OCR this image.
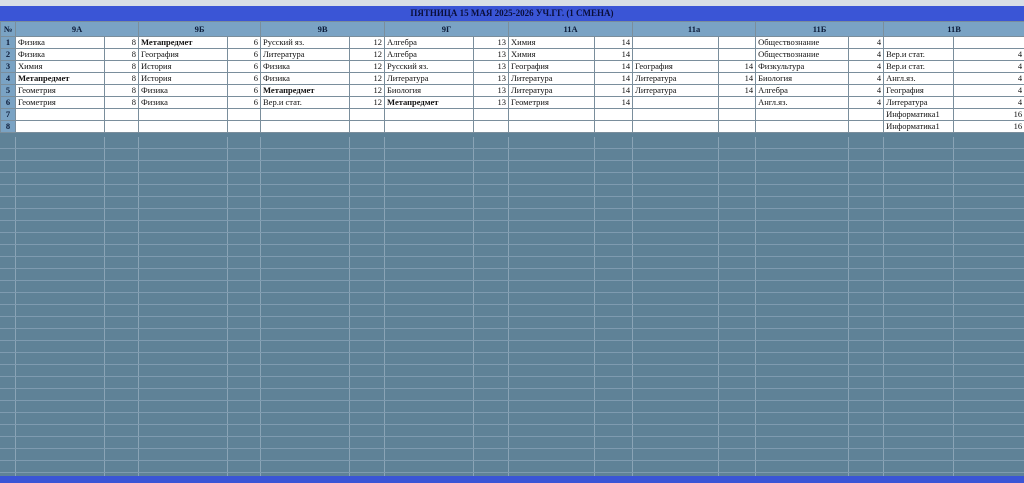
ПЯТНИЦА 15 МАЯ 2025-2026 УЧ.ГГ. (1 СМЕНА)
№	9А		9Б		9В		9Г		11А		11а		11Б		11В	
1	Физика	8	Метапредмет	6	Русский яз.	12	Алгебра	13	Химия	14			Обществознание	4		
2	Физика	8	География	6	Литература	12	Алгебра	13	Химия	14			Обществознание	4	Вер.и стат.	4
3	Химия	8	История	6	Физика	12	Русский яз.	13	География	14	География	14	Физкультура	4	Вер.и стат.	4
4	Метапредмет	8	История	6	Физика	12	Литература	13	Литература	14	Литература	14	Биология	4	Англ.яз.	4
5	Геометрия	8	Физика	6	Метапредмет	12	Биология	13	Литература	14	Литература	14	Алгебра	4	География	4
6	Геометрия	8	Физика	6	Вер.и стат.	12	Метапредмет	13	Геометрия	14			Англ.яз.	4	Литература	4
7															Информатика1	16
8															Информатика1	16
